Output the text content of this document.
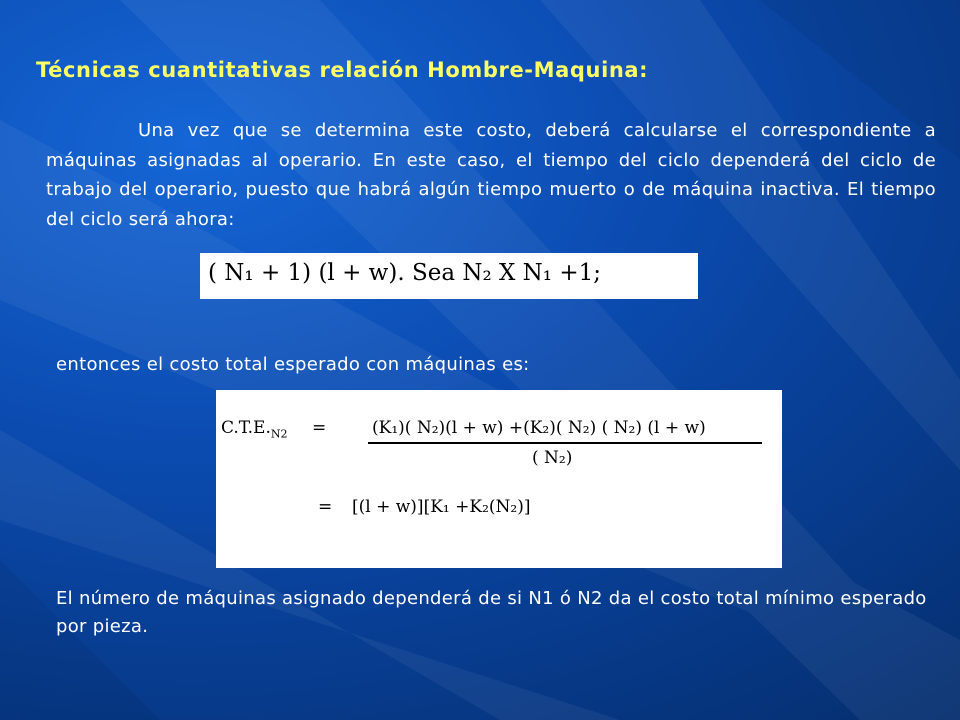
Técnicas cuantitativas relación Hombre-Maquina:
Una vez que se determina este costo, deberá calcularse el correspondiente a máquinas asignadas al operario. En este caso, el tiempo del ciclo dependerá del ciclo de trabajo del operario, puesto que habrá algún tiempo muerto o de máquina inactiva. El tiempo del ciclo será ahora:
( N₁ + 1) (l + w). Sea N₂ X N₁ +1;
entonces el costo total esperado con máquinas es:
$C.T.E._{N2}$ =	(K₁)( N₂)(l + w) +(K₂)( N₂) ( N₂) (l + w)
( N₂)
= [(l + w)][K₁ +K₂(N₂)]
El número de máquinas asignado dependerá de si N1 ó N2 da el costo total mínimo esperado por pieza.
